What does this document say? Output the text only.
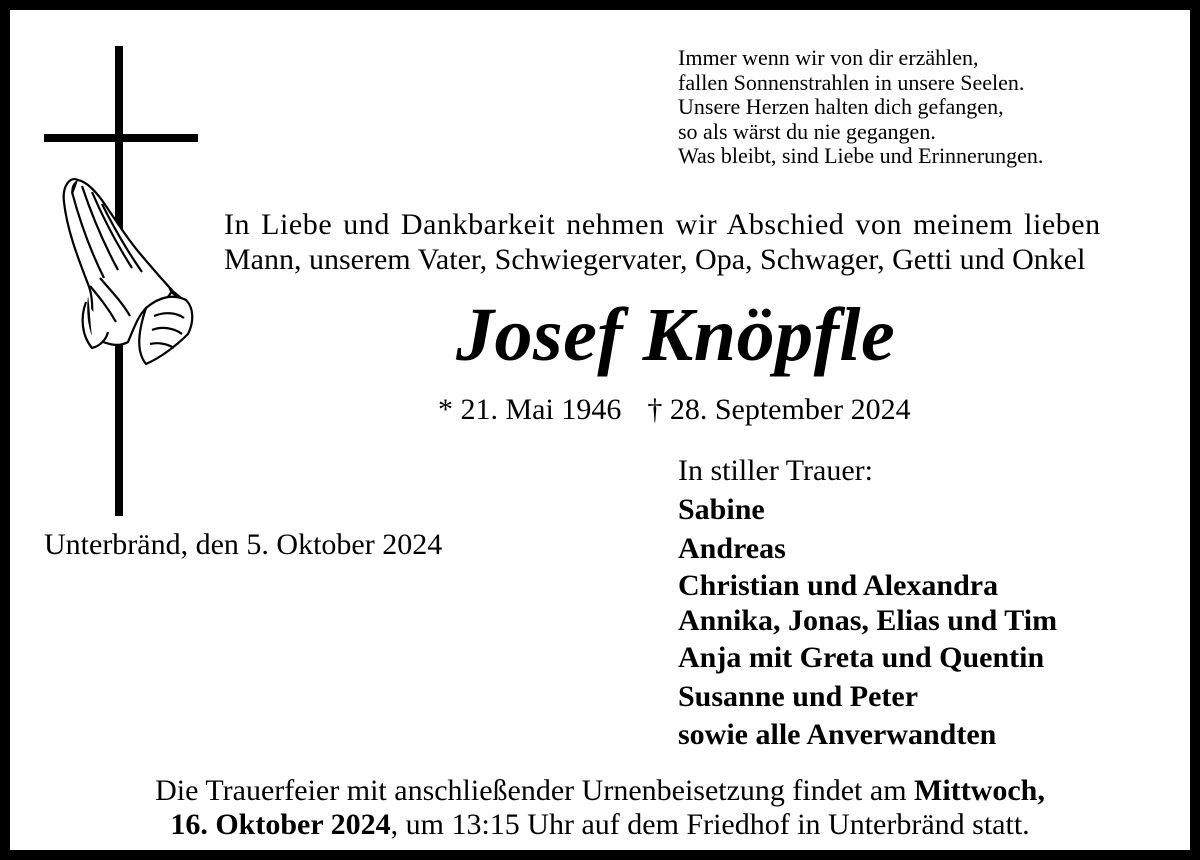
Immer wenn wir von dir erzählen,
fallen Sonnenstrahlen in unsere Seelen.
Unsere Herzen halten dich gefangen,
so als wärst du nie gegangen.
Was bleibt, sind Liebe und Erinnerungen.
In Liebe und Dankbarkeit nehmen wir Abschied von meinem lieben
Mann, unserem Vater, Schwiegervater, Opa, Schwager, Getti und Onkel
Josef Knöpfle
* 21. Mai 1946 † 28. September 2024
Unterbränd, den 5. Oktober 2024
In stiller Trauer:
Sabine
Andreas
Christian und Alexandra
Annika, Jonas, Elias und Tim
Anja mit Greta und Quentin
Susanne und Peter
sowie alle Anverwandten
Die Trauerfeier mit anschließender Urnenbeisetzung findet am Mittwoch,
16. Oktober 2024, um 13:15 Uhr auf dem Friedhof in Unterbränd statt.
